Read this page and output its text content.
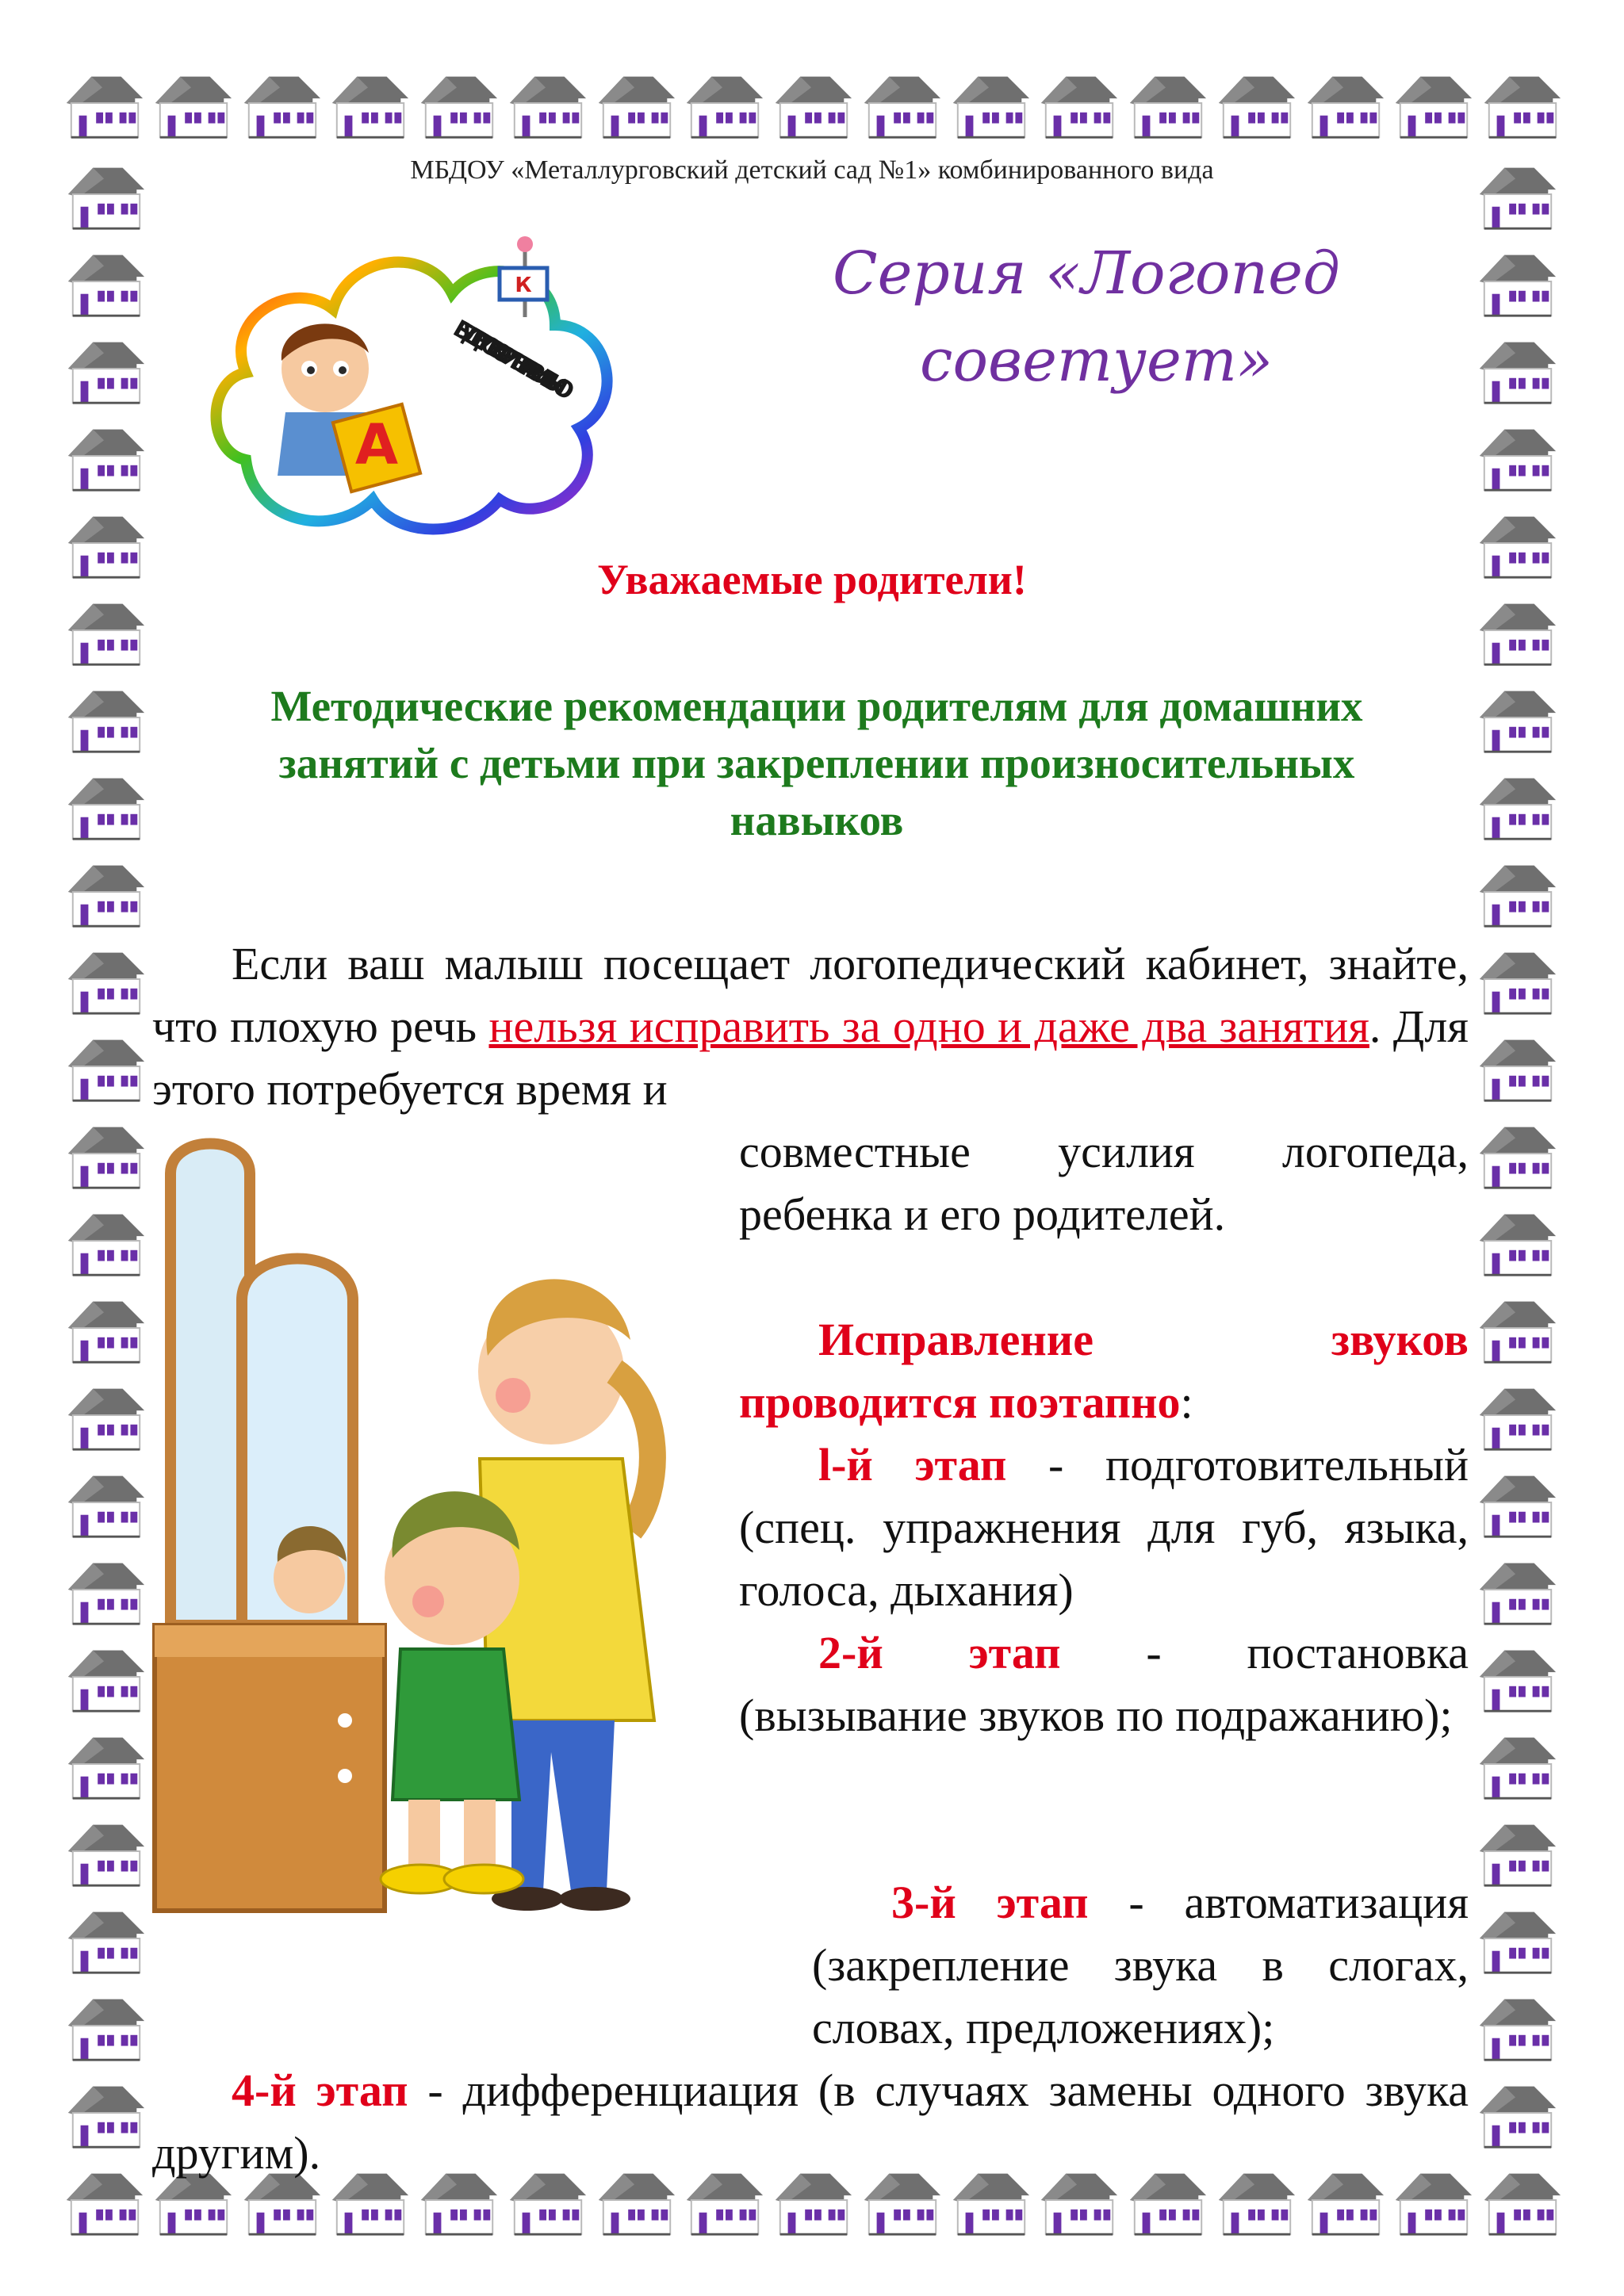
МБДОУ «Металлурговский детский сад №1» комбинированного вида
К
А
БУДЕМ ГОВОРИТЬ ПРАВИЛЬНО
Серия «Логопед
советует»
Уважаемые родители!
Методические рекомендации родителям для домашних занятий с детьми при закреплении произносительных навыков
Если ваш малыш посещает логопедический кабинет, знайте, что плохую речь нельзя исправить за одно и даже два занятия. Для этого потребуется время и
совместные усилия логопеда, ребенка и его родителей.
Исправление звуков проводится поэтапно:
l-й этап - подготовительный (спец. упражнения для губ, языка, голоса, дыхания)
2-й этап - постановка (вызывание звуков по подражанию);
3-й этап - автоматизация (закрепление звука в слогах, словах, предложениях);
4-й этап - дифференциация (в случаях замены одного звука другим).
